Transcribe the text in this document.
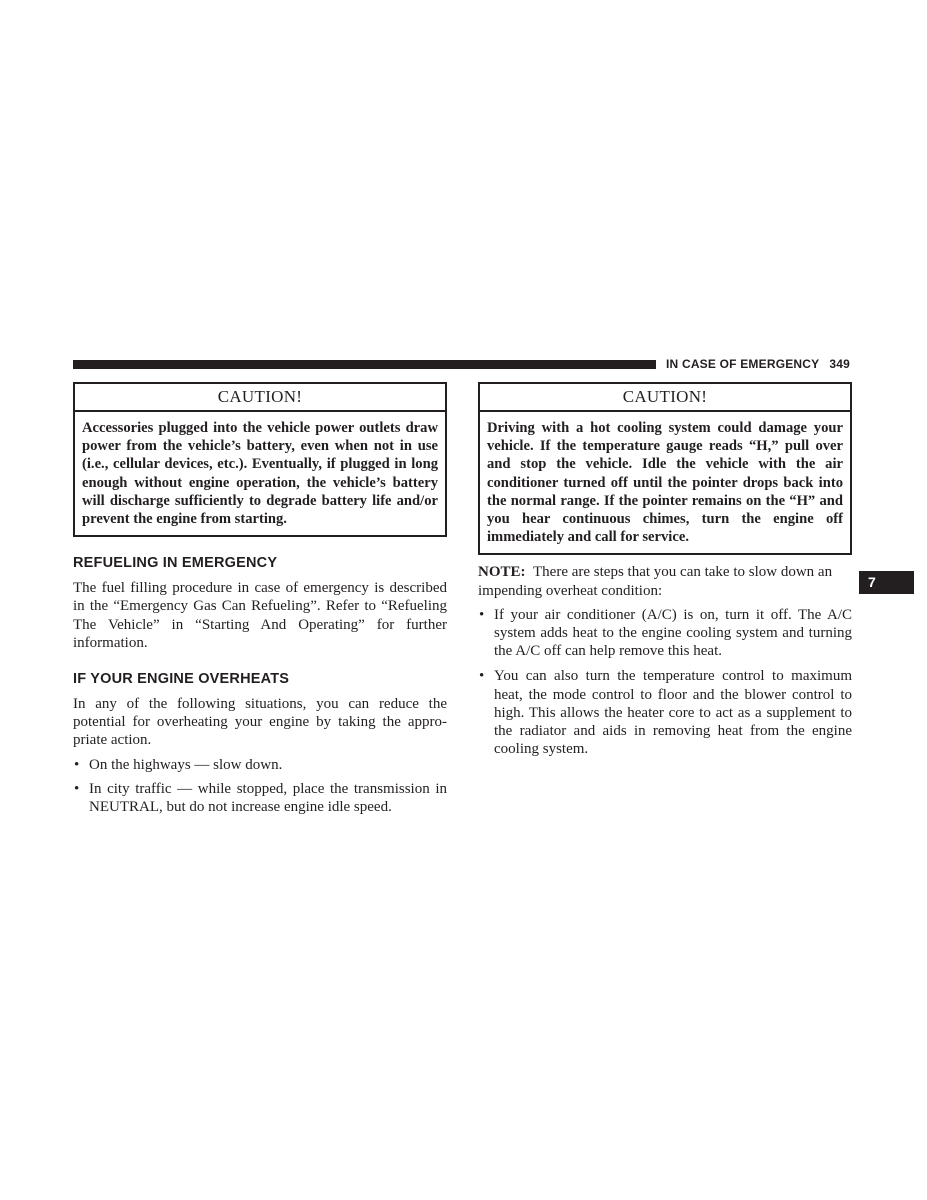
IN CASE OF EMERGENCY 349
CAUTION!
Accessories plugged into the vehicle power outlets draw power from the vehicle’s battery, even when not in use (i.e., cellular devices, etc.). Eventually, if plugged in long enough without engine operation, the vehicle’s battery will discharge sufficiently to degrade battery life and/or prevent the engine from starting.
REFUELING IN EMERGENCY

The fuel filling procedure in case of emergency is described in the “Emergency Gas Can Refueling”. Refer to “Refueling The Vehicle” in “Starting And Operating” for further information.

IF YOUR ENGINE OVERHEATS

In any of the following situations, you can reduce the potential for overheating your engine by taking the appro-priate action.

• On the highways — slow down.
• In city traffic — while stopped, place the transmission in NEUTRAL, but do not increase engine idle speed.
CAUTION!
Driving with a hot cooling system could damage your vehicle. If the temperature gauge reads “H,” pull over and stop the vehicle. Idle the vehicle with the air conditioner turned off until the pointer drops back into the normal range. If the pointer remains on the “H” and you hear continuous chimes, turn the engine off immediately and call for service.

NOTE: There are steps that you can take to slow down an impending overheat condition:

• If your air conditioner (A/C) is on, turn it off. The A/C system adds heat to the engine cooling system and turning the A/C off can help remove this heat.
• You can also turn the temperature control to maximum heat, the mode control to floor and the blower control to high. This allows the heater core to act as a supplement to the radiator and aids in removing heat from the engine cooling system.
7
